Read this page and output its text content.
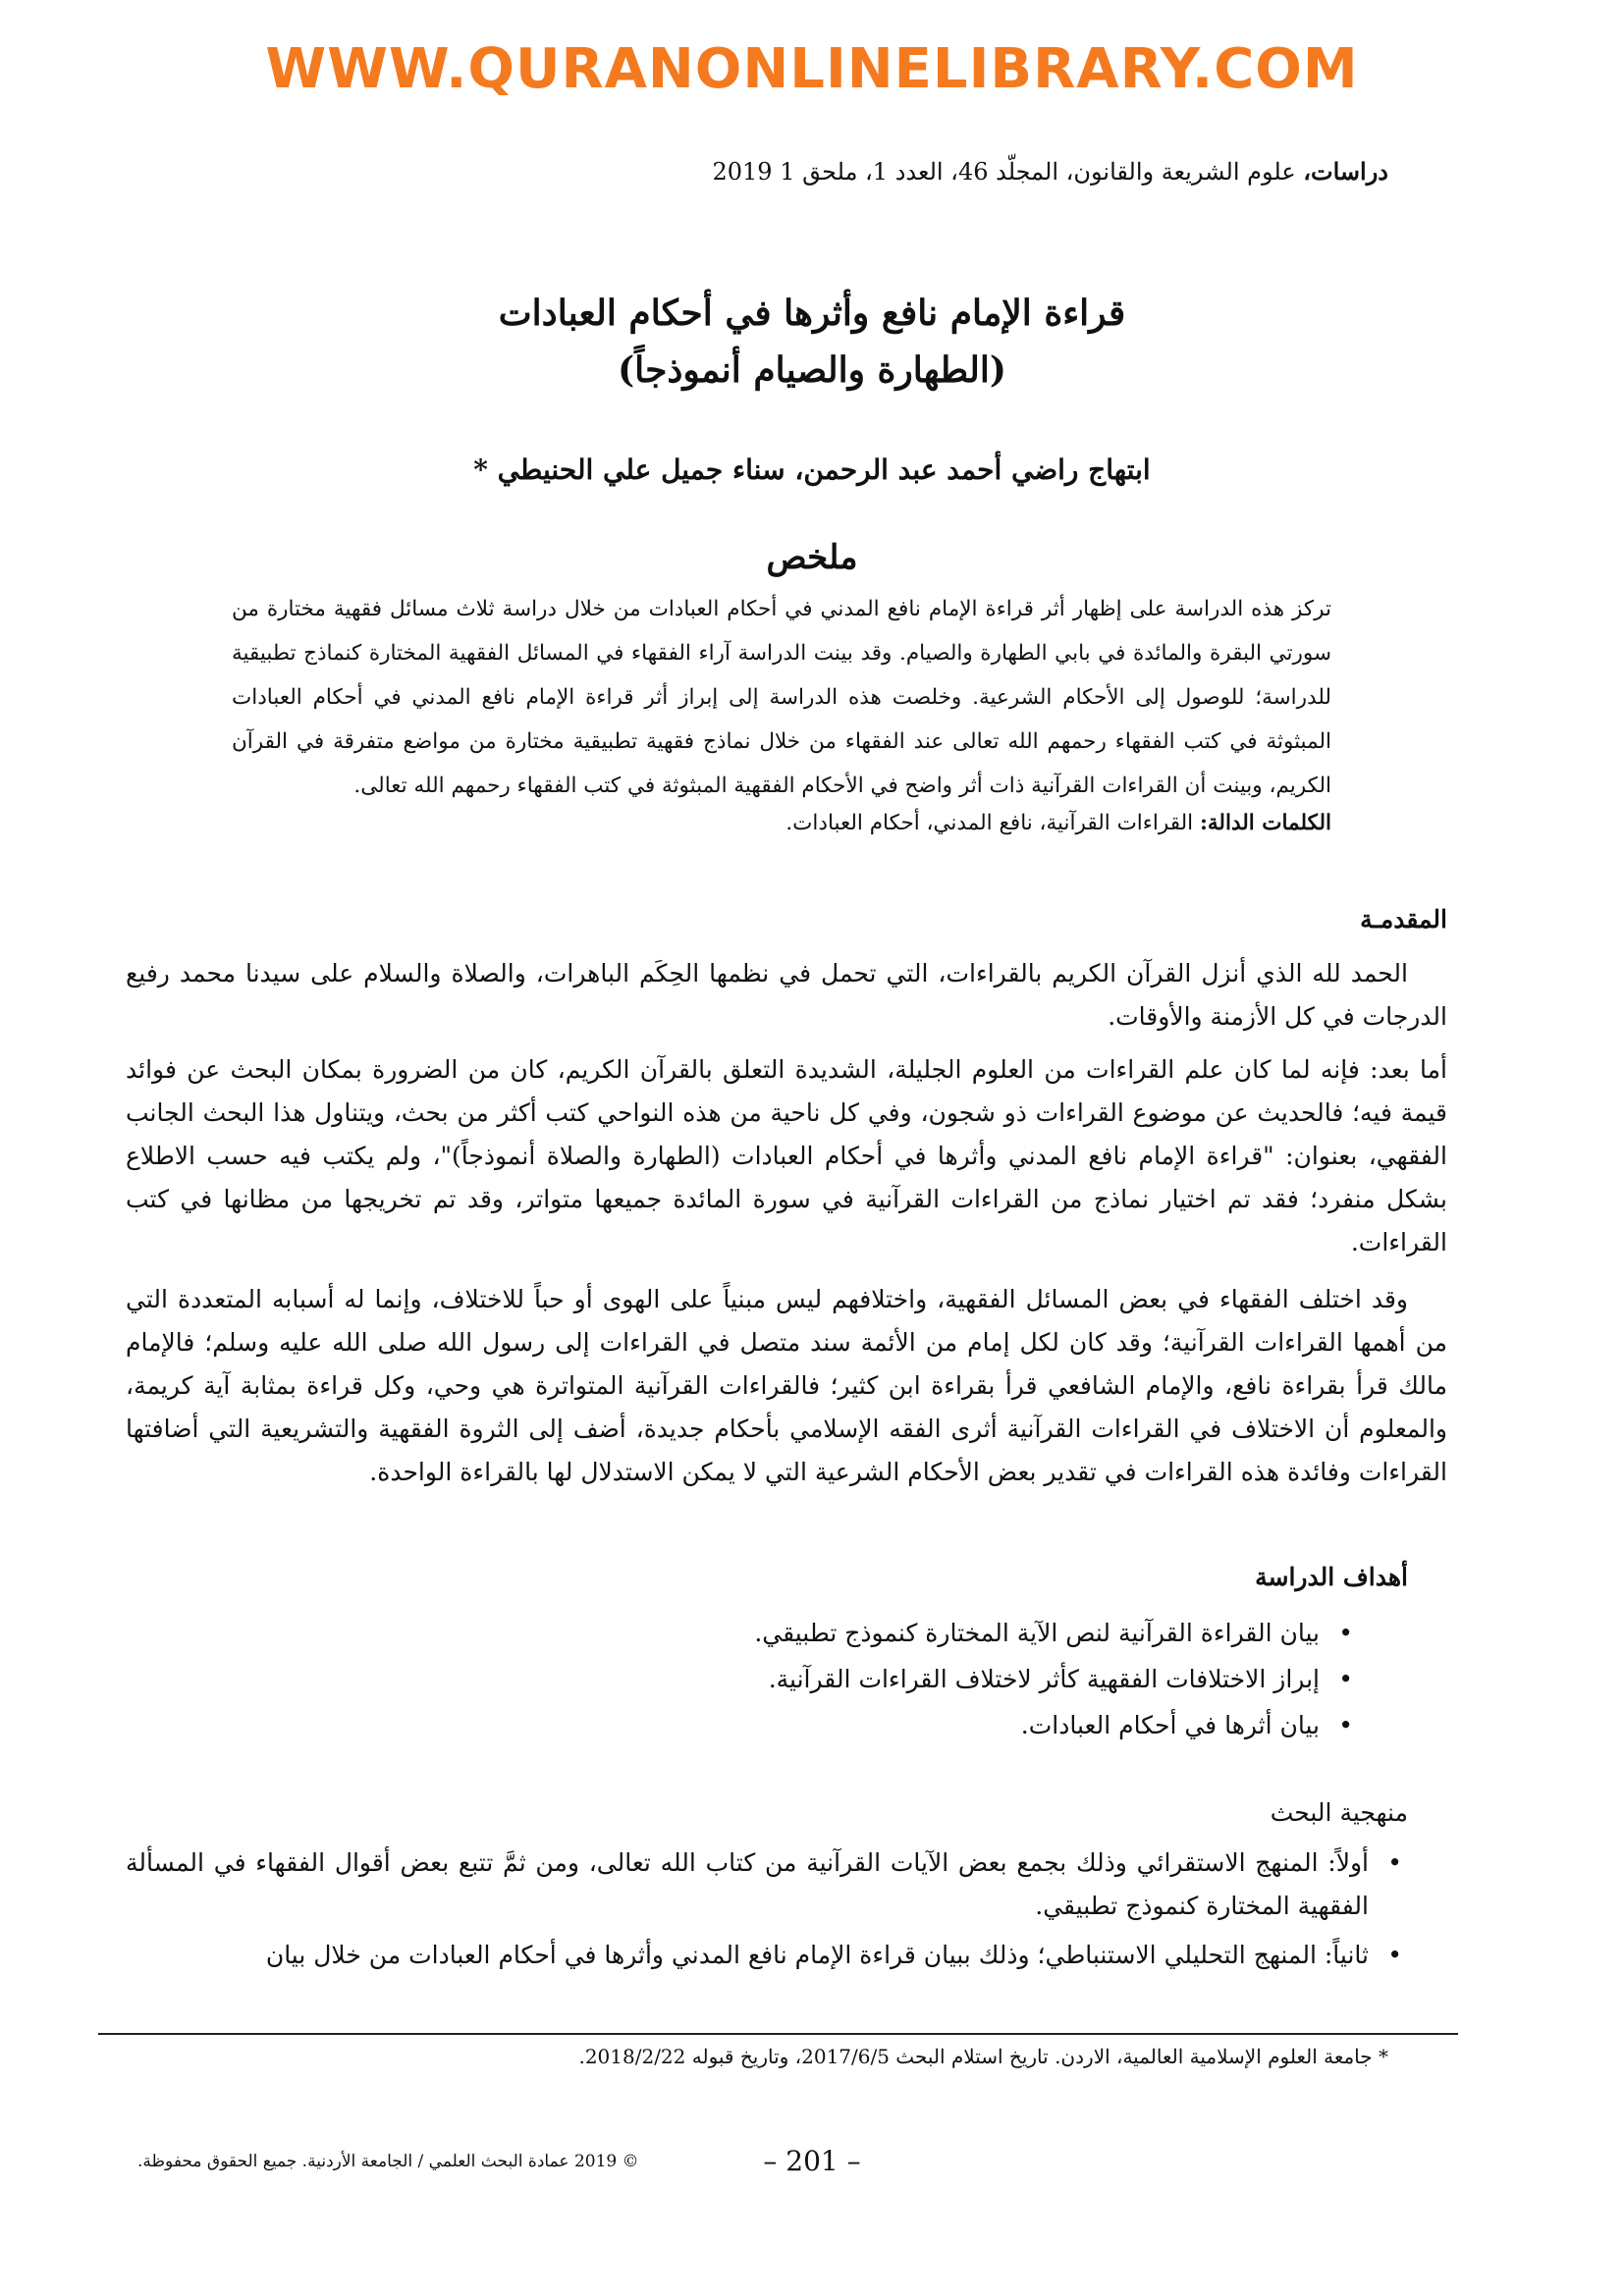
WWW.QURANONLINELIBRARY.COM
دراسات، علوم الشريعة والقانون، المجلّد 46، العدد 1، ملحق 1 2019
قراءة الإمام نافع وأثرها في أحكام العبادات
(الطهارة والصيام أنموذجاً)
ابتهاج راضي أحمد عبد الرحمن، سناء جميل علي الحنيطي *
ملخص
تركز هذه الدراسة على إظهار أثر قراءة الإمام نافع المدني في أحكام العبادات من خلال دراسة ثلاث مسائل فقهية مختارة من سورتي البقرة والمائدة في بابي الطهارة والصيام. وقد بينت الدراسة آراء الفقهاء في المسائل الفقهية المختارة كنماذج تطبيقية للدراسة؛ للوصول إلى الأحكام الشرعية. وخلصت هذه الدراسة إلى إبراز أثر قراءة الإمام نافع المدني في أحكام العبادات المبثوثة في كتب الفقهاء رحمهم الله تعالى عند الفقهاء من خلال نماذج فقهية تطبيقية مختارة من مواضع متفرقة في القرآن الكريم، وبينت أن القراءات القرآنية ذات أثر واضح في الأحكام الفقهية المبثوثة في كتب الفقهاء رحمهم الله تعالى.
الكلمات الدالة: القراءات القرآنية، نافع المدني، أحكام العبادات.
المقدمـة
الحمد لله الذي أنزل القرآن الكريم بالقراءات، التي تحمل في نظمها الحِكَم الباهرات، والصلاة والسلام على سيدنا محمد رفيع الدرجات في كل الأزمنة والأوقات.
أما بعد: فإنه لما كان علم القراءات من العلوم الجليلة، الشديدة التعلق بالقرآن الكريم، كان من الضرورة بمكان البحث عن فوائد قيمة فيه؛ فالحديث عن موضوع القراءات ذو شجون، وفي كل ناحية من هذه النواحي كتب أكثر من بحث، ويتناول هذا البحث الجانب الفقهي، بعنوان: "قراءة الإمام نافع المدني وأثرها في أحكام العبادات (الطهارة والصلاة أنموذجاً)"، ولم يكتب فيه حسب الاطلاع بشكل منفرد؛ فقد تم اختيار نماذج من القراءات القرآنية في سورة المائدة جميعها متواتر، وقد تم تخريجها من مظانها في كتب القراءات.
وقد اختلف الفقهاء في بعض المسائل الفقهية، واختلافهم ليس مبنياً على الهوى أو حباً للاختلاف، وإنما له أسبابه المتعددة التي من أهمها القراءات القرآنية؛ وقد كان لكل إمام من الأئمة سند متصل في القراءات إلى رسول الله صلى الله عليه وسلم؛ فالإمام مالك قرأ بقراءة نافع، والإمام الشافعي قرأ بقراءة ابن كثير؛ فالقراءات القرآنية المتواترة هي وحي، وكل قراءة بمثابة آية كريمة، والمعلوم أن الاختلاف في القراءات القرآنية أثرى الفقه الإسلامي بأحكام جديدة، أضف إلى الثروة الفقهية والتشريعية التي أضافتها القراءات وفائدة هذه القراءات في تقدير بعض الأحكام الشرعية التي لا يمكن الاستدلال لها بالقراءة الواحدة.
أهداف الدراسة
• بيان القراءة القرآنية لنص الآية المختارة كنموذج تطبيقي.
• إبراز الاختلافات الفقهية كأثر لاختلاف القراءات القرآنية.
• بيان أثرها في أحكام العبادات.
منهجية البحث
• أولاً: المنهج الاستقرائي وذلك بجمع بعض الآيات القرآنية من كتاب الله تعالى، ومن ثمَّ تتبع بعض أقوال الفقهاء في المسألة الفقهية المختارة كنموذج تطبيقي.
• ثانياً: المنهج التحليلي الاستنباطي؛ وذلك ببيان قراءة الإمام نافع المدني وأثرها في أحكام العبادات من خلال بيان
* جامعة العلوم الإسلامية العالمية، الاردن. تاريخ استلام البحث 2017/6/5، وتاريخ قبوله 2018/2/22.
– 201 –
© 2019 عمادة البحث العلمي / الجامعة الأردنية. جميع الحقوق محفوظة.
